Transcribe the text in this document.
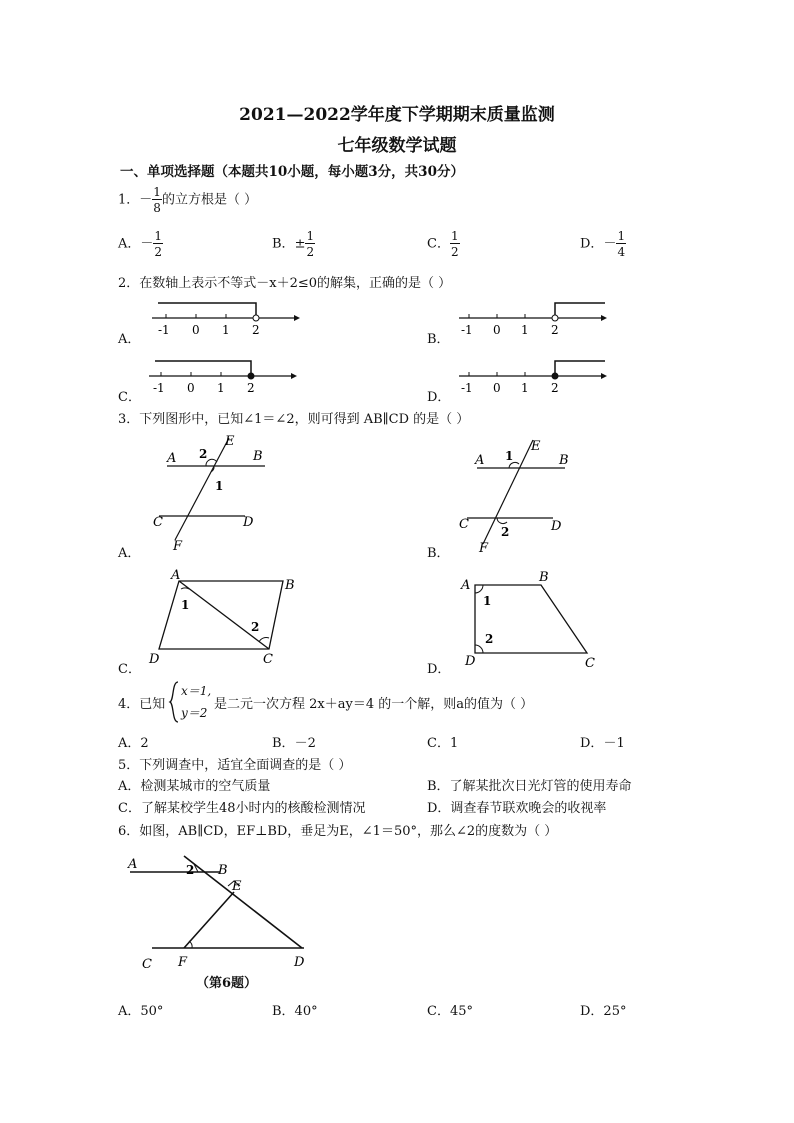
2021—2022学年度下学期期末质量监测
七年级数学试题
一、单项选择题（本题共10小题，每小题3分，共30分）
1．－ $\frac{1}{8}$ 的立方根是（ ）
A．－ $\frac{1}{2}$	B．± $\frac{1}{2}$	C． $\frac{1}{2}$	D．－ $\frac{1}{4}$
2．在数轴上表示不等式－x＋2≤0的解集，正确的是（ ）
A．	B．
C．	D．
-1 0 1 2	-1 0 1 2
-1 0 1 2	-1 0 1 2
3．下列图形中，已知∠1＝∠2，则可得到 AB∥CD 的是（ ）
A	B
E
C	D
F
2
1
A．
A	B
E
C	D
F
1
2
B．
A
B
D	C
1
2
C．
A
B
D	C
1
2
D．
4．已知
x＝1,
y＝2
是二元一次方程 2x＋ay＝4 的一个解，则a的值为（ ）
A．2	B．－2	C．1	D．－1
5．下列调查中，适宜全面调查的是（ ）
A．检测某城市的空气质量	B．了解某批次日光灯管的使用寿命
C．了解某校学生48小时内的核酸检测情况	D．调查春节联欢晚会的收视率
6．如图，AB∥CD，EF⊥BD，垂足为E，∠1＝50°，那么∠2的度数为（ ）
A	B
E
C F	D
2
（第6题）
A．50°	B．40°	C．45°	D．25°
